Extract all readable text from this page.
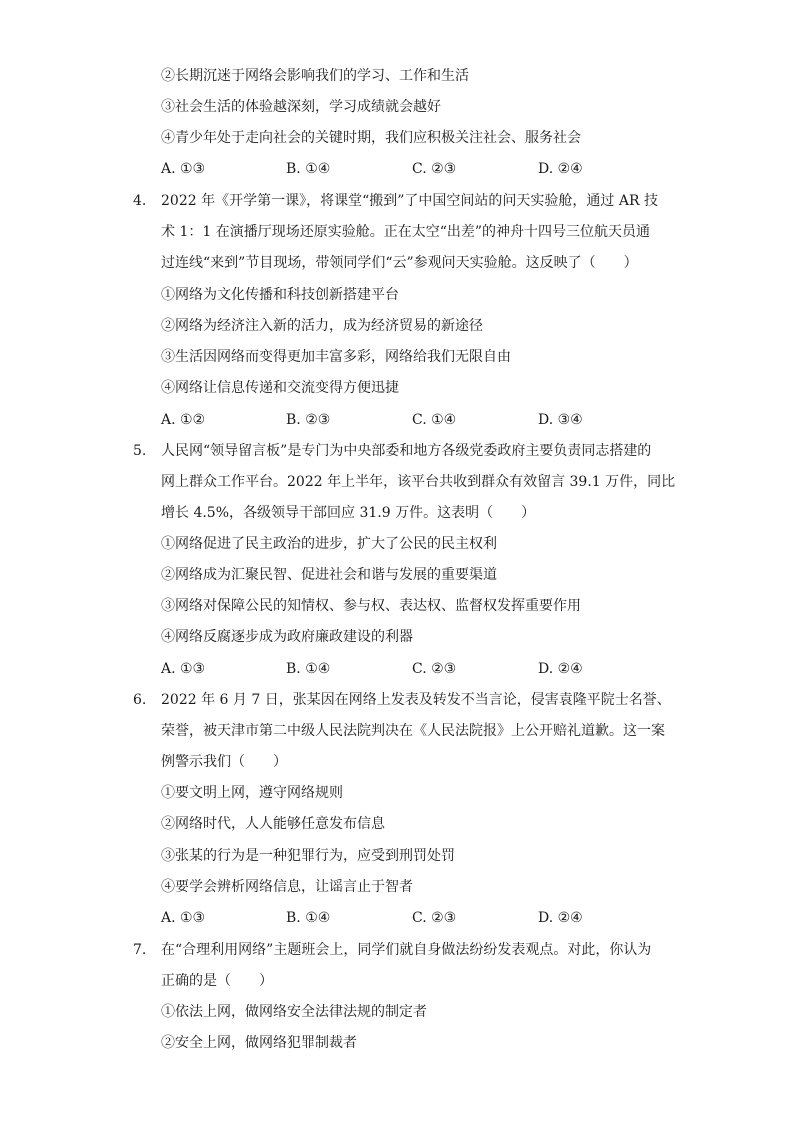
②长期沉迷于网络会影响我们的学习、工作和生活
③社会生活的体验越深刻，学习成绩就会越好
④青少年处于走向社会的关键时期，我们应积极关注社会、服务社会
A. ①③	B. ①④	C. ②③	D. ②④
4. 2022 年《开学第一课》，将课堂“搬到”了中国空间站的问天实验舱，通过 AR 技
术 1：1 在演播厅现场还原实验舱。正在太空“出差”的神舟十四号三位航天员通
过连线“来到”节目现场，带领同学们“云”参观问天实验舱。这反映了（　　）
①网络为文化传播和科技创新搭建平台
②网络为经济注入新的活力，成为经济贸易的新途径
③生活因网络而变得更加丰富多彩，网络给我们无限自由
④网络让信息传递和交流变得方便迅捷
A. ①②	B. ②③	C. ①④	D. ③④
5. 人民网“领导留言板”是专门为中央部委和地方各级党委政府主要负责同志搭建的
网上群众工作平台。2022 年上半年，该平台共收到群众有效留言 39.1 万件，同比
增长 4.5%，各级领导干部回应 31.9 万件。这表明（　　）
①网络促进了民主政治的进步，扩大了公民的民主权利
②网络成为汇聚民智、促进社会和谐与发展的重要渠道
③网络对保障公民的知情权、参与权、表达权、监督权发挥重要作用
④网络反腐逐步成为政府廉政建设的利器
A. ①③	B. ①④	C. ②③	D. ②④
6. 2022 年 6 月 7 日，张某因在网络上发表及转发不当言论，侵害袁隆平院士名誉、
荣誉，被天津市第二中级人民法院判决在《人民法院报》上公开赔礼道歉。这一案
例警示我们（　　）
①要文明上网，遵守网络规则
②网络时代，人人能够任意发布信息
③张某的行为是一种犯罪行为，应受到刑罚处罚
④要学会辨析网络信息，让谣言止于智者
A. ①③	B. ①④	C. ②③	D. ②④
7. 在“合理利用网络”主题班会上，同学们就自身做法纷纷发表观点。对此，你认为
正确的是（　　）
①依法上网，做网络安全法律法规的制定者
②安全上网，做网络犯罪制裁者
